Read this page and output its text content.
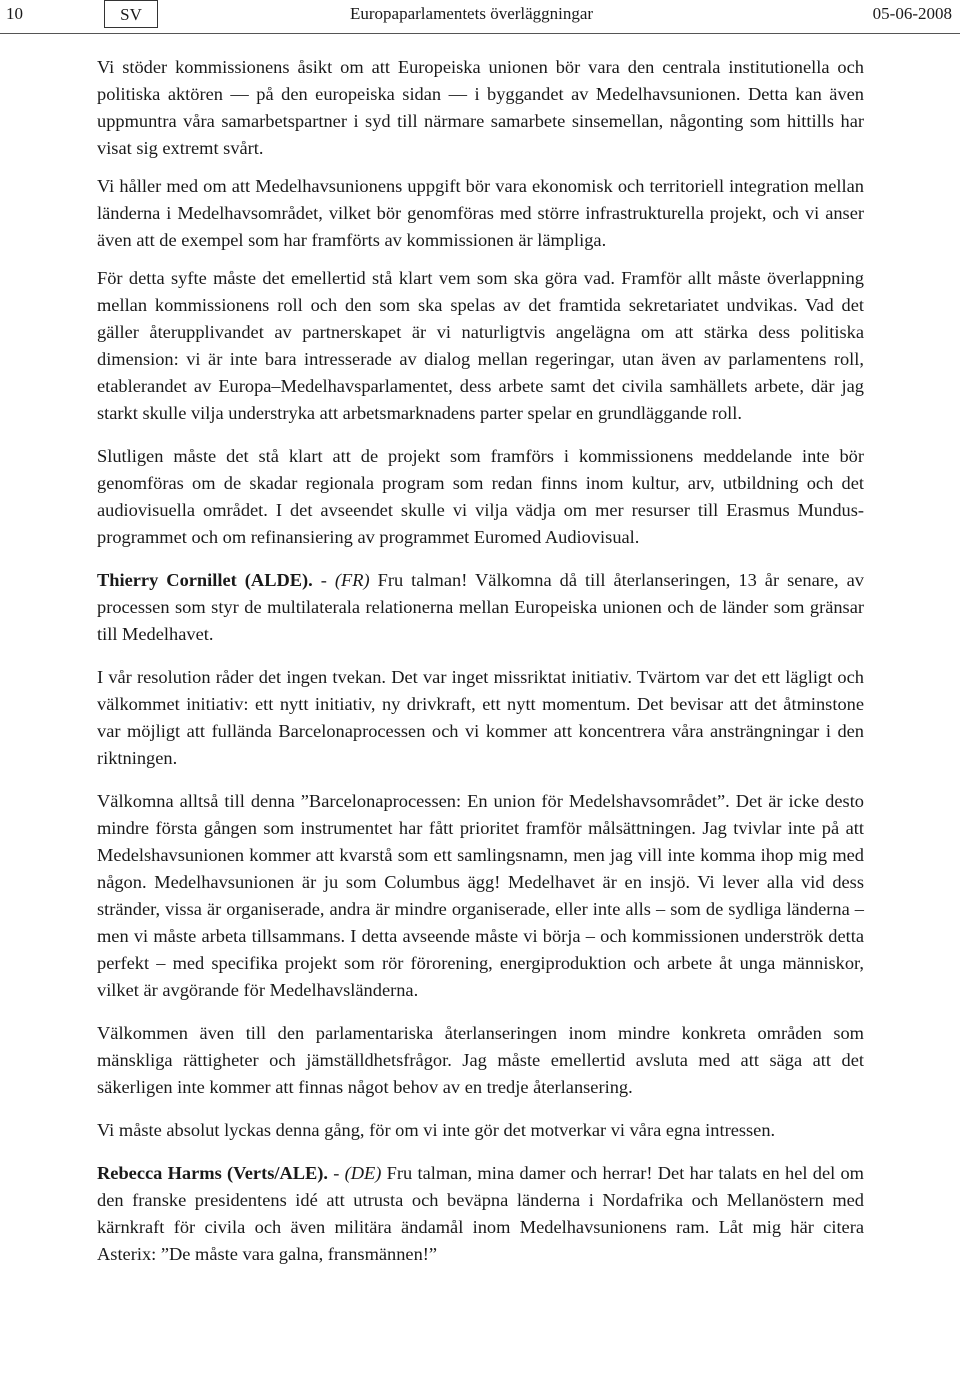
10	SV	Europaparlamentets överläggningar	05-06-2008

Vi stöder kommissionens åsikt om att Europeiska unionen bör vara den centrala institutionella och politiska aktören — på den europeiska sidan — i byggandet av Medelhavsunionen. Detta kan även uppmuntra våra samarbetspartner i syd till närmare samarbete sinsemellan, någonting som hittills har visat sig extremt svårt.

Vi håller med om att Medelhavsunionens uppgift bör vara ekonomisk och territoriell integration mellan länderna i Medelhavsområdet, vilket bör genomföras med större infrastrukturella projekt, och vi anser även att de exempel som har framförts av kommissionen är lämpliga.

För detta syfte måste det emellertid stå klart vem som ska göra vad. Framför allt måste överlappning mellan kommissionens roll och den som ska spelas av det framtida sekretariatet undvikas. Vad det gäller återupplivandet av partnerskapet är vi naturligtvis angelägna om att stärka dess politiska dimension: vi är inte bara intresserade av dialog mellan regeringar, utan även av parlamentens roll, etablerandet av Europa–Medelhavsparlamentet, dess arbete samt det civila samhällets arbete, där jag starkt skulle vilja understryka att arbetsmarknadens parter spelar en grundläggande roll.

Slutligen måste det stå klart att de projekt som framförs i kommissionens meddelande inte bör genomföras om de skadar regionala program som redan finns inom kultur, arv, utbildning och det audiovisuella området. I det avseendet skulle vi vilja vädja om mer resurser till Erasmus Mundus-programmet och om refinansiering av programmet Euromed Audiovisual.

Thierry Cornillet (ALDE). - (FR) Fru talman! Välkomna då till återlanseringen, 13 år senare, av processen som styr de multilaterala relationerna mellan Europeiska unionen och de länder som gränsar till Medelhavet.

I vår resolution råder det ingen tvekan. Det var inget missriktat initiativ. Tvärtom var det ett lägligt och välkommet initiativ: ett nytt initiativ, ny drivkraft, ett nytt momentum. Det bevisar att det åtminstone var möjligt att fullända Barcelonaprocessen och vi kommer att koncentrera våra ansträngningar i den riktningen.

Välkomna alltså till denna ”Barcelonaprocessen: En union för Medelshavsområdet”. Det är icke desto mindre första gången som instrumentet har fått prioritet framför målsättningen. Jag tvivlar inte på att Medelshavsunionen kommer att kvarstå som ett samlingsnamn, men jag vill inte komma ihop mig med någon. Medelhavsunionen är ju som Columbus ägg! Medelhavet är en insjö. Vi lever alla vid dess stränder, vissa är organiserade, andra är mindre organiserade, eller inte alls – som de sydliga länderna – men vi måste arbeta tillsammans. I detta avseende måste vi börja – och kommissionen underströk detta perfekt – med specifika projekt som rör förorening, energiproduktion och arbete åt unga människor, vilket är avgörande för Medelhavsländerna.

Välkommen även till den parlamentariska återlanseringen inom mindre konkreta områden som mänskliga rättigheter och jämställdhetsfrågor. Jag måste emellertid avsluta med att säga att det säkerligen inte kommer att finnas något behov av en tredje återlansering.

Vi måste absolut lyckas denna gång, för om vi inte gör det motverkar vi våra egna intressen.

Rebecca Harms (Verts/ALE). - (DE) Fru talman, mina damer och herrar! Det har talats en hel del om den franske presidentens idé att utrusta och beväpna länderna i Nordafrika och Mellanöstern med kärnkraft för civila och även militära ändamål inom Medelhavsunionens ram. Låt mig här citera Asterix: ”De måste vara galna, fransmännen!”
